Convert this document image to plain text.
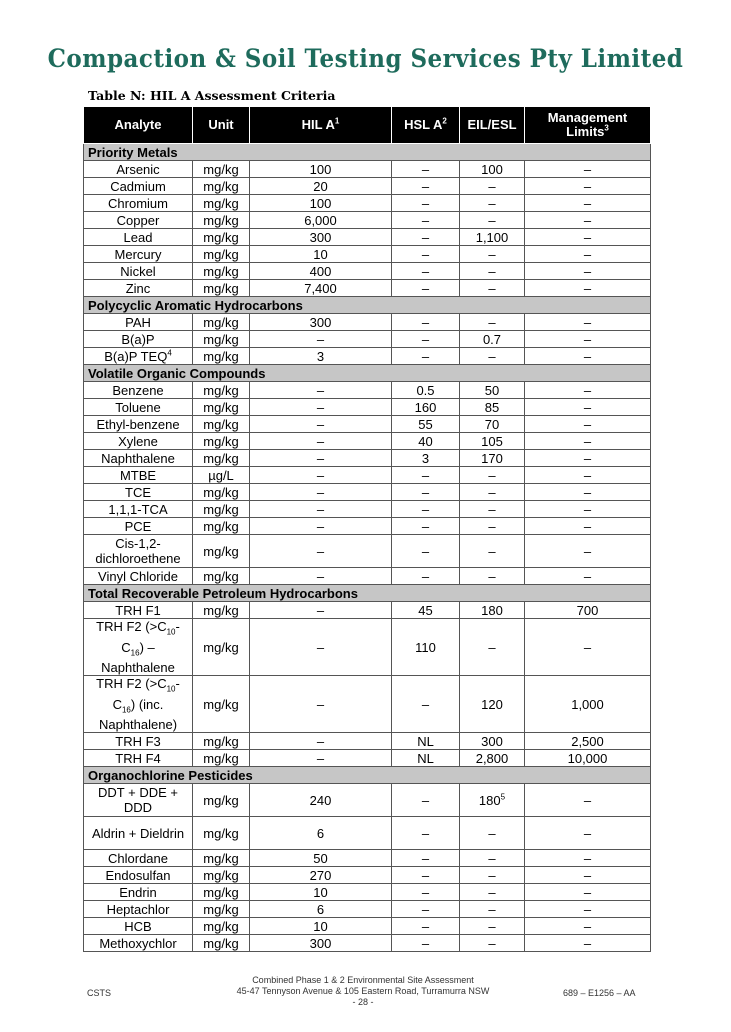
Compaction & Soil Testing Services Pty Limited
Table N: HIL A Assessment Criteria
Analyte	Unit	HIL $A^1$	HSL $A^2$	EIL/ESL	Management Limits$^3$
Priority Metals					
Arsenic	mg/kg	100	–	100	–
Cadmium	mg/kg	20	–	–	–
Chromium	mg/kg	100	–	–	–
Copper	mg/kg	6,000	–	–	–
Lead	mg/kg	300	–	1,100	–
Mercury	mg/kg	10	–	–	–
Nickel	mg/kg	400	–	–	–
Zinc	mg/kg	7,400	–	–	–
Polycyclic Aromatic Hydrocarbons					
PAH	mg/kg	300	–	–	–
B(a)P	mg/kg	–	–	0.7	–
B(a)P TEQ$^4$	mg/kg	3	–	–	–
Volatile Organic Compounds					
Benzene	mg/kg	–	0.5	50	–
Toluene	mg/kg	–	160	85	–
Ethyl-benzene	mg/kg	–	55	70	–
Xylene	mg/kg	–	40	105	–
Naphthalene	mg/kg	–	3	170	–
MTBE	µg/L	–	–	–	–
TCE	mg/kg	–	–	–	–
1,1,1-TCA	mg/kg	–	–	–	–
PCE	mg/kg	–	–	–	–
Cis-1,2-dichloroethene	mg/kg	–	–	–	–
Vinyl Chloride	mg/kg	–	–	–	–
Total Recoverable Petroleum Hydrocarbons					
TRH F1	mg/kg	–	45	180	700
TRH F2 $(>C_{10}-C_{16})$ – Naphthalene	mg/kg	–	110	–	–
TRH F2 $(>C_{10}-C_{16})$ (inc. Naphthalene)	mg/kg	–	–	120	1,000
TRH F3	mg/kg	–	NL	300	2,500
TRH F4	mg/kg	–	NL	2,800	10,000
Organochlorine Pesticides					
DDT + DDE + DDD	mg/kg	240	–	$180^5$	–
Aldrin + Dieldrin	mg/kg	6	–	–	–
Chlordane	mg/kg	50	–	–	–
Endosulfan	mg/kg	270	–	–	–
Endrin	mg/kg	10	–	–	–
Heptachlor	mg/kg	6	–	–	–
HCB	mg/kg	10	–	–	–
Methoxychlor	mg/kg	300	–	–	–
CSTS
Combined Phase 1 & 2 Environmental Site Assessment
45-47 Tennyson Avenue & 105 Eastern Road, Turramurra NSW
- 28 -
689 – E1256 – AA
